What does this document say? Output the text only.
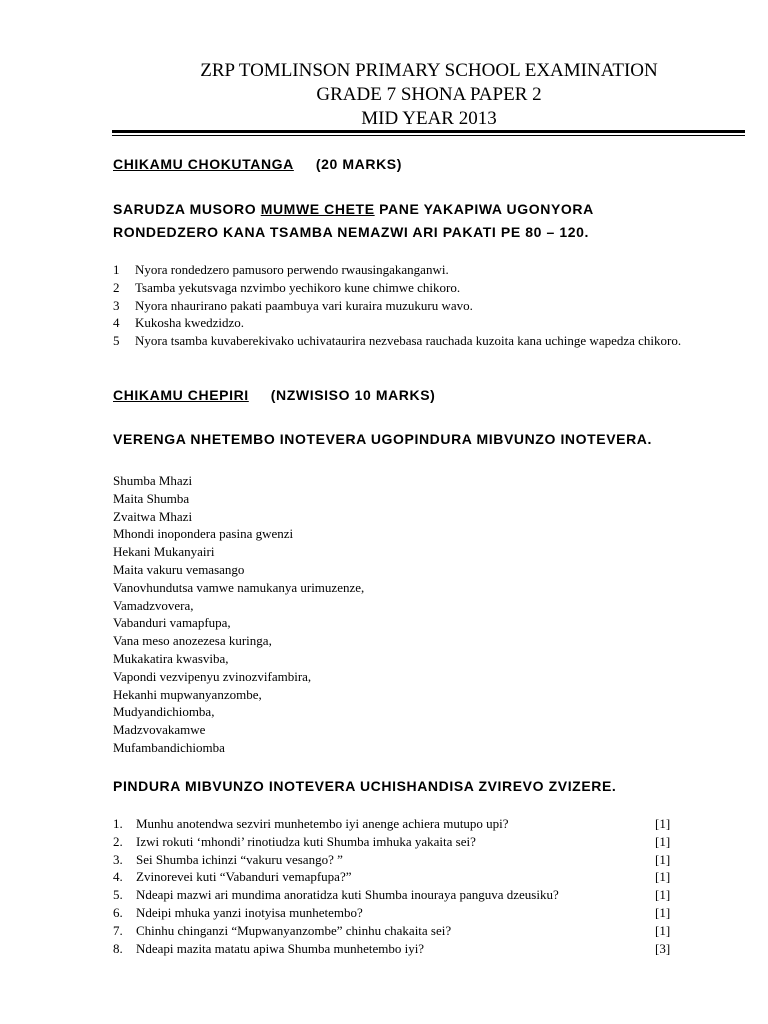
ZRP TOMLINSON PRIMARY SCHOOL EXAMINATION
GRADE 7 SHONA PAPER 2
MID YEAR 2013
CHIKAMU CHOKUTANGA (20 MARKS)
SARUDZA MUSORO MUMWE CHETE PANE YAKAPIWA UGONYORA
RONDEDZERO KANA TSAMBA NEMAZWI ARI PAKATI PE 80 – 120.
1	Nyora rondedzero pamusoro perwendo rwausingakanganwi.
2	Tsamba yekutsvaga nzvimbo yechikoro kune chimwe chikoro.
3	Nyora nhaurirano pakati paambuya vari kuraira muzukuru wavo.
4	Kukosha kwedzidzo.
5	Nyora tsamba kuvaberekivako uchivataurira nezvebasa rauchada kuzoita kana uchinge wapedza chikoro.
CHIKAMU CHEPIRI (NZWISISO 10 MARKS)
VERENGA NHETEMBO INOTEVERA UGOPINDURA MIBVUNZO INOTEVERA.
Shumba Mhazi
Maita Shumba
Zvaitwa Mhazi
Mhondi inopondera pasina gwenzi
Hekani Mukanyairi
Maita vakuru vemasango
Vanovhundutsa vamwe namukanya urimuzenze,
Vamadzvovera,
Vabanduri vamapfupa,
Vana meso anozezesa kuringa,
Mukakatira kwasviba,
Vapondi vezvipenyu zvinozvifambira,
Hekanhi mupwanyanzombe,
Mudyandichiomba,
Madzvovakamwe
Mufambandichiomba
PINDURA MIBVUNZO INOTEVERA UCHISHANDISA ZVIREVO ZVIZERE.
1.	Munhu anotendwa sezviri munhetembo iyi anenge achiera mutupo upi?	[1]
2.	Izwi rokuti ‘mhondi’ rinotiudza kuti Shumba imhuka yakaita sei?	[1]
3.	Sei Shumba ichinzi “vakuru vesango? ”	[1]
4.	Zvinorevei kuti “Vabanduri vemapfupa?”	[1]
5.	Ndeapi mazwi ari mundima anoratidza kuti Shumba inouraya panguva dzeusiku?	[1]
6.	Ndeipi mhuka yanzi inotyisa munhetembo?	[1]
7.	Chinhu chinganzi “Mupwanyanzombe” chinhu chakaita sei?	[1]
8.	Ndeapi mazita matatu apiwa Shumba munhetembo iyi?	[3]
